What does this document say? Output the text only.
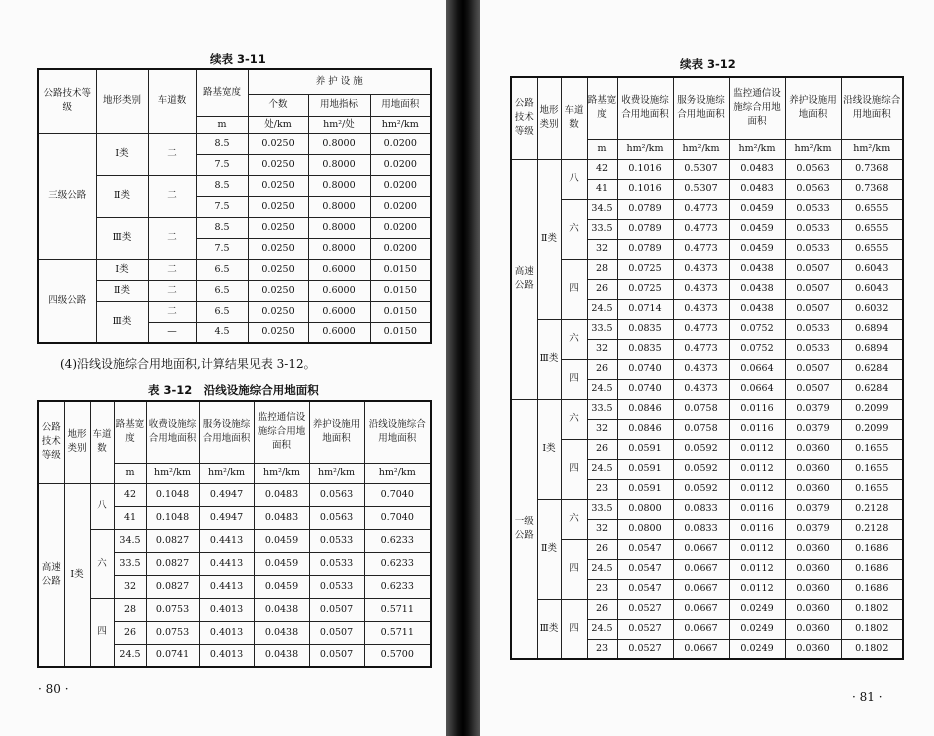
续表 3-11
公路技术等级	地形类别	车道数	路基宽度	养 护 设 施		
				个数	用地指标	用地面积
			m	处/km	hm²/处	hm²/km
三级公路	Ⅰ类	二	8.5	0.0250	0.8000	0.0200
			7.5	0.0250	0.8000	0.0200
	Ⅱ类	二	8.5	0.0250	0.8000	0.0200
			7.5	0.0250	0.8000	0.0200
	Ⅲ类	二	8.5	0.0250	0.8000	0.0200
			7.5	0.0250	0.8000	0.0200
四级公路	Ⅰ类	二	6.5	0.0250	0.6000	0.0150
	Ⅱ类	二	6.5	0.0250	0.6000	0.0150
	Ⅲ类	二	6.5	0.0250	0.6000	0.0150
		—	4.5	0.0250	0.6000	0.0150
(4)沿线设施综合用地面积,计算结果见表 3-12。
表 3-12　沿线设施综合用地面积
公路技术等级	地形类别	车道数	路基宽度	收费设施综合用地面积	服务设施综合用地面积	监控通信设施综合用地面积	养护设施用地面积	沿线设施综合用地面积
			m	hm²/km	hm²/km	hm²/km	hm²/km	hm²/km
高速公路	Ⅰ类	八	42	0.1048	0.4947	0.0483	0.0563	0.7040
			41	0.1048	0.4947	0.0483	0.0563	0.7040
		六	34.5	0.0827	0.4413	0.0459	0.0533	0.6233
			33.5	0.0827	0.4413	0.0459	0.0533	0.6233
			32	0.0827	0.4413	0.0459	0.0533	0.6233
		四	28	0.0753	0.4013	0.0438	0.0507	0.5711
			26	0.0753	0.4013	0.0438	0.0507	0.5711
			24.5	0.0741	0.4013	0.0438	0.0507	0.5700
· 80 ·
续表 3-12
公路技术等级	地形类别	车道数	路基宽度	收费设施综合用地面积	服务设施综合用地面积	监控通信设施综合用地面积	养护设施用地面积	沿线设施综合用地面积
			m	hm²/km	hm²/km	hm²/km	hm²/km	hm²/km
高速公路	Ⅱ类	八	42	0.1016	0.5307	0.0483	0.0563	0.7368
			41	0.1016	0.5307	0.0483	0.0563	0.7368
		六	34.5	0.0789	0.4773	0.0459	0.0533	0.6555
			33.5	0.0789	0.4773	0.0459	0.0533	0.6555
			32	0.0789	0.4773	0.0459	0.0533	0.6555
		四	28	0.0725	0.4373	0.0438	0.0507	0.6043
			26	0.0725	0.4373	0.0438	0.0507	0.6043
			24.5	0.0714	0.4373	0.0438	0.0507	0.6032
	Ⅲ类	六	33.5	0.0835	0.4773	0.0752	0.0533	0.6894
			32	0.0835	0.4773	0.0752	0.0533	0.6894
		四	26	0.0740	0.4373	0.0664	0.0507	0.6284
			24.5	0.0740	0.4373	0.0664	0.0507	0.6284
一级公路	Ⅰ类	六	33.5	0.0846	0.0758	0.0116	0.0379	0.2099
			32	0.0846	0.0758	0.0116	0.0379	0.2099
		四	26	0.0591	0.0592	0.0112	0.0360	0.1655
			24.5	0.0591	0.0592	0.0112	0.0360	0.1655
			23	0.0591	0.0592	0.0112	0.0360	0.1655
	Ⅱ类	六	33.5	0.0800	0.0833	0.0116	0.0379	0.2128
			32	0.0800	0.0833	0.0116	0.0379	0.2128
		四	26	0.0547	0.0667	0.0112	0.0360	0.1686
			24.5	0.0547	0.0667	0.0112	0.0360	0.1686
			23	0.0547	0.0667	0.0112	0.0360	0.1686
	Ⅲ类	四	26	0.0527	0.0667	0.0249	0.0360	0.1802
			24.5	0.0527	0.0667	0.0249	0.0360	0.1802
			23	0.0527	0.0667	0.0249	0.0360	0.1802
· 81 ·
